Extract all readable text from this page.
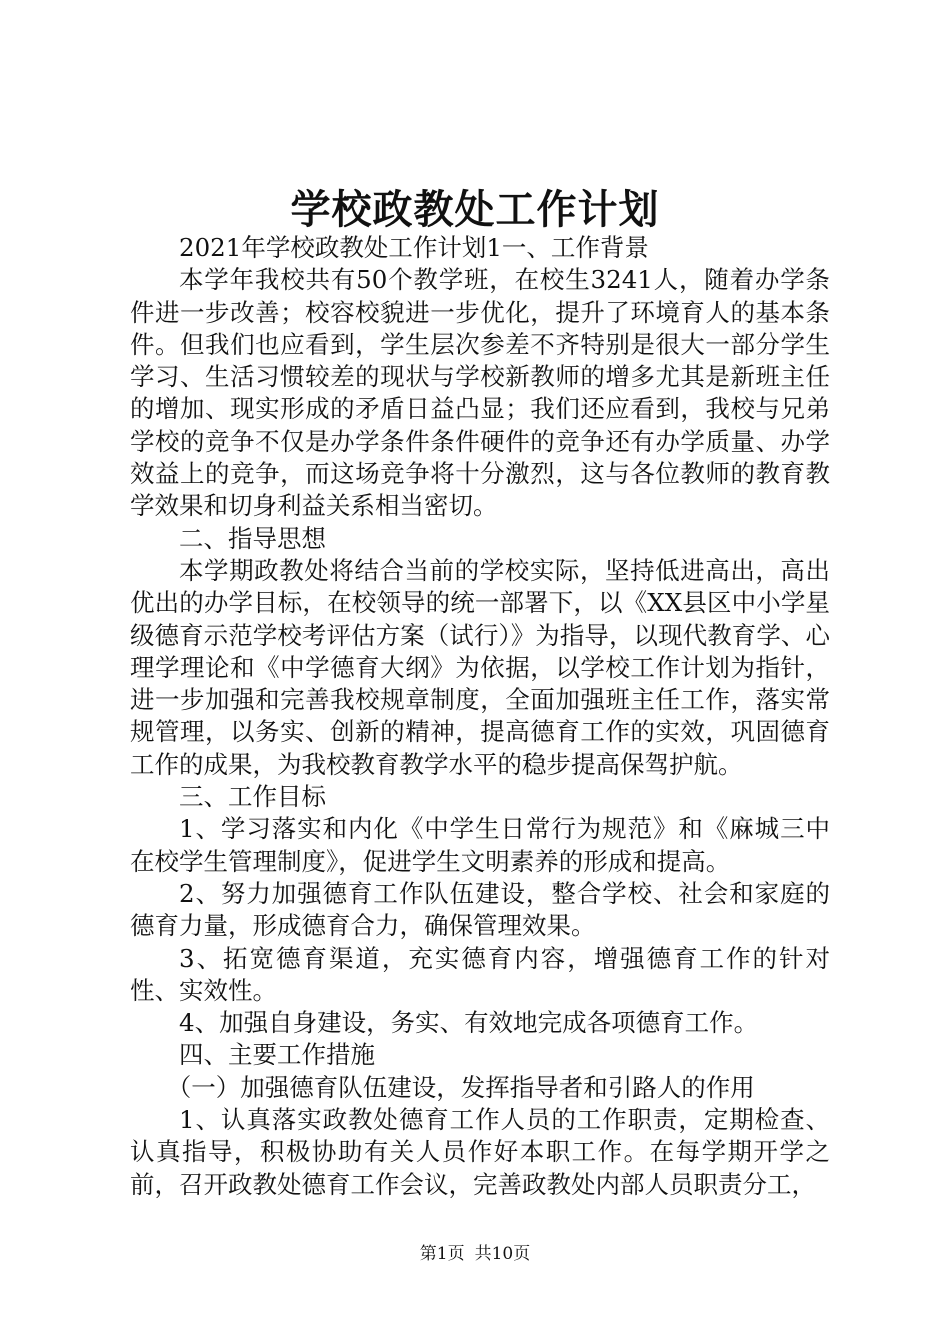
学校政教处工作计划

2021年学校政教处工作计划1一、工作背景

本学年我校共有50个教学班，在校生3241人，随着办学条件进一步改善；校容校貌进一步优化，提升了环境育人的基本条件。但我们也应看到，学生层次参差不齐特别是很大一部分学生学习、生活习惯较差的现状与学校新教师的增多尤其是新班主任的增加、现实形成的矛盾日益凸显；我们还应看到，我校与兄弟学校的竞争不仅是办学条件条件硬件的竞争还有办学质量、办学效益上的竞争，而这场竞争将十分激烈，这与各位教师的教育教学效果和切身利益关系相当密切。

二、指导思想

本学期政教处将结合当前的学校实际，坚持低进高出，高出优出的办学目标，在校领导的统一部署下，以《XX县区中小学星级德育示范学校考评估方案（试行）》为指导，以现代教育学、心理学理论和《中学德育大纲》为依据，以学校工作计划为指针，进一步加强和完善我校规章制度，全面加强班主任工作，落实常规管理，以务实、创新的精神，提高德育工作的实效，巩固德育工作的成果，为我校教育教学水平的稳步提高保驾护航。

三、工作目标

1、学习落实和内化《中学生日常行为规范》和《麻城三中在校学生管理制度》，促进学生文明素养的形成和提高。

2、努力加强德育工作队伍建设，整合学校、社会和家庭的德育力量，形成德育合力，确保管理效果。

3、拓宽德育渠道，充实德育内容，增强德育工作的针对性、实效性。

4、加强自身建设，务实、有效地完成各项德育工作。

四、主要工作措施

（一）加强德育队伍建设，发挥指导者和引路人的作用

1、认真落实政教处德育工作人员的工作职责，定期检查、认真指导，积极协助有关人员作好本职工作。在每学期开学之前，召开政教处德育工作会议，完善政教处内部人员职责分工，

第1页 共10页
